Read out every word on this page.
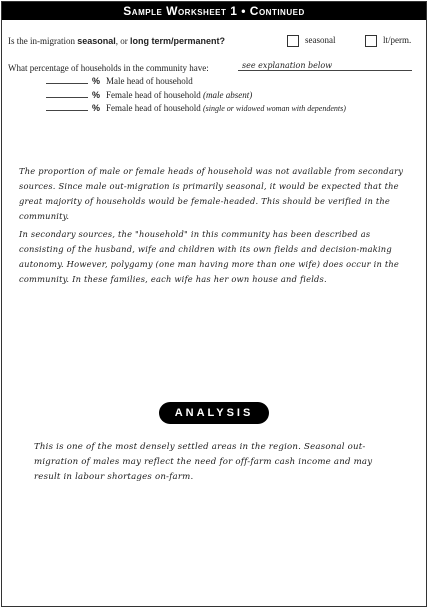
Sample Worksheet 1 • Continued
Is the in-migration seasonal, or long term/permanent?	seasonal	lt/perm.
What percentage of households in the community have:	see explanation below
% Male head of household
% Female head of household (male absent)
% Female head of household (single or widowed woman with dependents)
The proportion of male or female heads of household was not available from secondary sources. Since male out-migration is primarily seasonal, it would be expected that the great majority of households would be female-headed. This should be verified in the community.
In secondary sources, the "household" in this community has been described as consisting of the husband, wife and children with its own fields and decision-making autonomy. However, polygamy (one man having more than one wife) does occur in the community. In these families, each wife has her own house and fields.
ANALYSIS
This is one of the most densely settled areas in the region. Seasonal out-migration of males may reflect the need for off-farm cash income and may result in labour shortages on-farm.
